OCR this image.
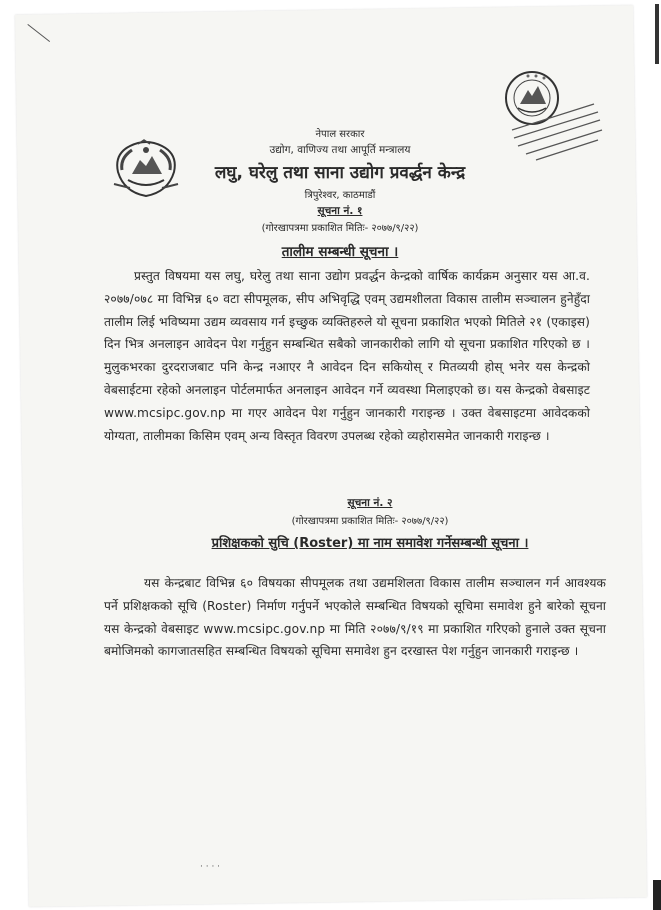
नेपाल सरकार
उद्योग, वाणिज्य तथा आपूर्ति मन्त्रालय
लघु, घरेलु तथा साना उद्योग प्रवर्द्धन केन्द्र
त्रिपुरेश्वर, काठमाडौं
सूचना नं. १
(गोरखापत्रमा प्रकाशित मितिः- २०७७/९/२२)
तालीम सम्बन्धी सूचना ।
प्रस्तुत विषयमा यस लघु, घरेलु तथा साना उद्योग प्रवर्द्धन केन्द्रको वार्षिक कार्यक्रम अनुसार यस आ.व. २०७७/०७८ मा विभिन्न ६० वटा सीपमूलक, सीप अभिवृद्धि एवम् उद्यमशीलता विकास तालीम सञ्चालन हुनेहुँदा तालीम लिई भविष्यमा उद्यम व्यवसाय गर्न इच्छुक व्यक्तिहरुले यो सूचना प्रकाशित भएको मितिले २१ (एकाइस) दिन भित्र अनलाइन आवेदन पेश गर्नुहुन सम्बन्धित सबैको जानकारीको लागि यो सूचना प्रकाशित गरिएको छ । मुलुकभरका दुरदराजबाट पनि केन्द्र नआएर नै आवेदन दिन सकियोस् र मितव्ययी होस् भनेर यस केन्द्रको वेबसाईटमा रहेको अनलाइन पोर्टलमार्फत अनलाइन आवेदन गर्ने व्यवस्था मिलाइएको छ। यस केन्द्रको वेबसाइट www.mcsipc.gov.np मा गएर आवेदन पेश गर्नुहुन जानकारी गराइन्छ । उक्त वेबसाइटमा आवेदकको योग्यता, तालीमका किसिम एवम् अन्य विस्तृत विवरण उपलब्ध रहेको व्यहोरासमेत जानकारी गराइन्छ ।
सूचना नं. २
(गोरखापत्रमा प्रकाशित मितिः- २०७७/९/२२)
प्रशिक्षकको सुचि (Roster) मा नाम समावेश गर्नेसम्बन्धी सूचना ।
यस केन्द्रबाट विभिन्न ६० विषयका सीपमूलक तथा उद्यमशिलता विकास तालीम सञ्चालन गर्न आवश्यक पर्ने प्रशिक्षकको सूचि (Roster) निर्माण गर्नुपर्ने भएकोले सम्बन्धित विषयको सूचिमा समावेश हुने बारेको सूचना यस केन्द्रको वेबसाइट www.mcsipc.gov.np मा मिति २०७७/९/१९ मा प्रकाशित गरिएको हुनाले उक्त सूचना बमोजिमको कागजातसहित सम्बन्धित विषयको सूचिमा समावेश हुन दरखास्त पेश गर्नुहुन जानकारी गराइन्छ ।
· · · ·
